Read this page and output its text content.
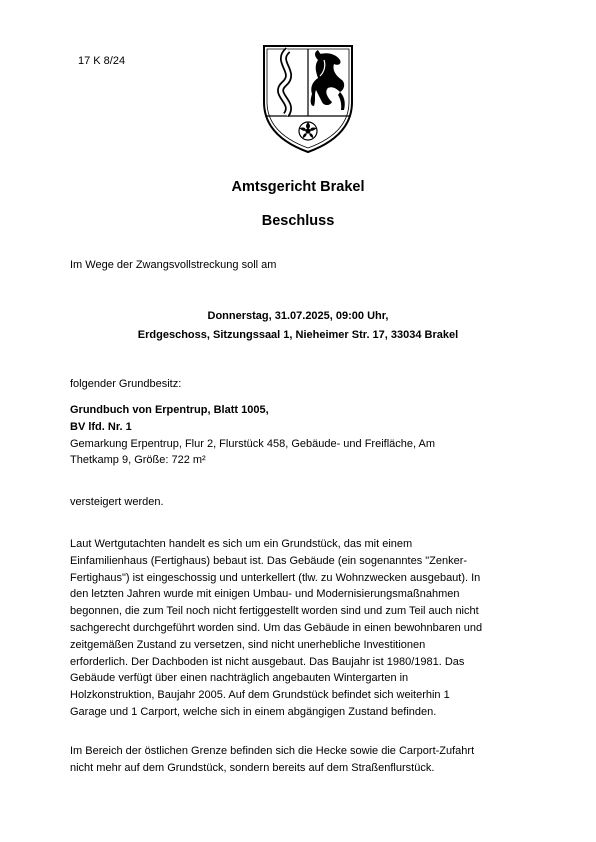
17 K 8/24
Amtsgericht Brakel
Beschluss
Im Wege der Zwangsvollstreckung soll am
Donnerstag, 31.07.2025, 09:00 Uhr,
Erdgeschoss, Sitzungssaal 1, Nieheimer Str. 17, 33034 Brakel
folgender Grundbesitz:
Grundbuch von Erpentrup, Blatt 1005,
BV lfd. Nr. 1
Gemarkung Erpentrup, Flur 2, Flurstück 458, Gebäude- und Freifläche, Am
Thetkamp 9, Größe: 722 m²
versteigert werden.
Laut Wertgutachten handelt es sich um ein Grundstück, das mit einem
Einfamilienhaus (Fertighaus) bebaut ist. Das Gebäude (ein sogenanntes "Zenker-
Fertighaus") ist eingeschossig und unterkellert (tlw. zu Wohnzwecken ausgebaut). In
den letzten Jahren wurde mit einigen Umbau- und Modernisierungsmaßnahmen
begonnen, die zum Teil noch nicht fertiggestellt worden sind und zum Teil auch nicht
sachgerecht durchgeführt worden sind. Um das Gebäude in einen bewohnbaren und
zeitgemäßen Zustand zu versetzen, sind nicht unerhebliche Investitionen
erforderlich. Der Dachboden ist nicht ausgebaut. Das Baujahr ist 1980/1981. Das
Gebäude verfügt über einen nachträglich angebauten Wintergarten in
Holzkonstruktion, Baujahr 2005. Auf dem Grundstück befindet sich weiterhin 1
Garage und 1 Carport, welche sich in einem abgängigen Zustand befinden.
Im Bereich der östlichen Grenze befinden sich die Hecke sowie die Carport-Zufahrt
nicht mehr auf dem Grundstück, sondern bereits auf dem Straßenflurstück.
